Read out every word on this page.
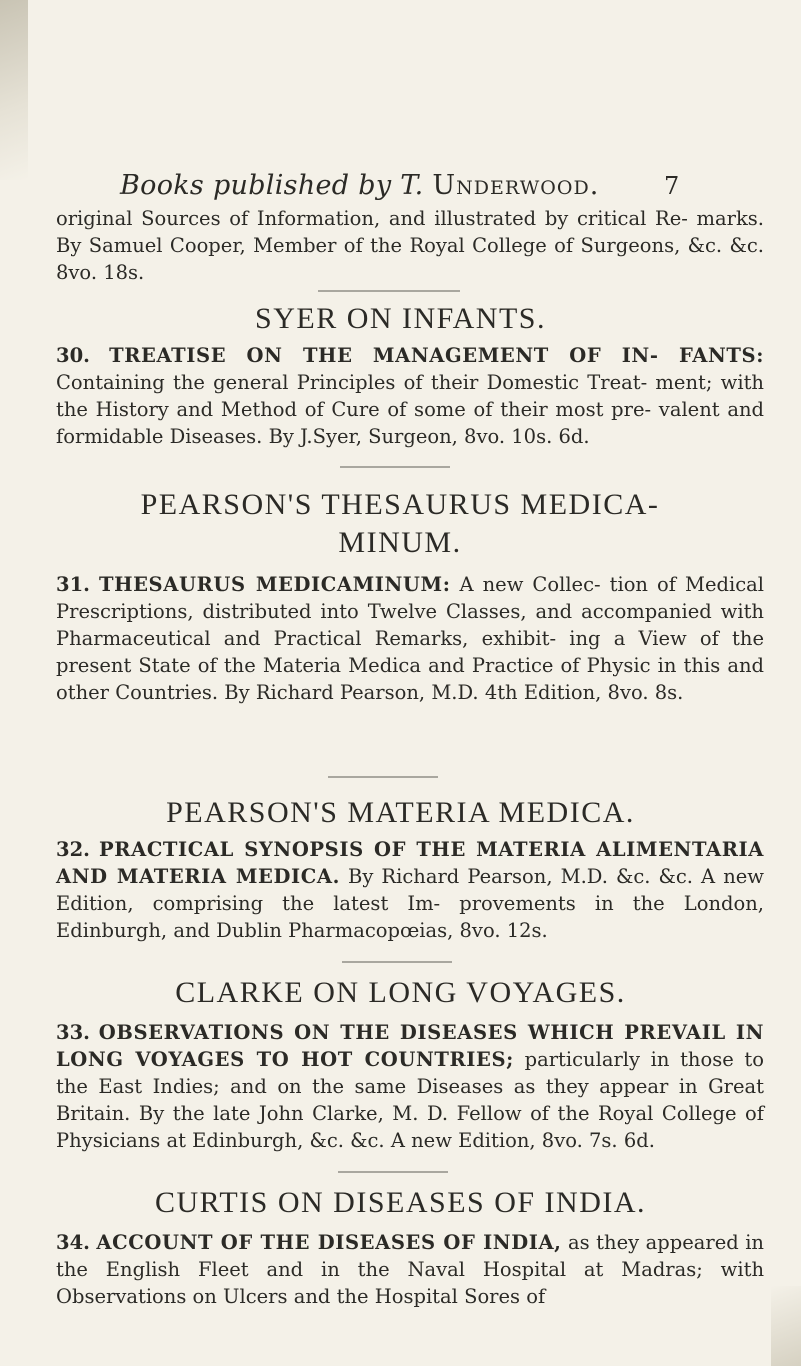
Books published by T. Underwood.	7
original Sources of Information, and illustrated by critical Re- marks. By Samuel Cooper, Member of the Royal College of Surgeons, &c. &c. 8vo. 18s.
SYER ON INFANTS.
30. TREATISE ON THE MANAGEMENT OF IN- FANTS: Containing the general Principles of their Domestic Treat- ment; with the History and Method of Cure of some of their most pre- valent and formidable Diseases. By J.Syer, Surgeon, 8vo. 10s. 6d.
PEARSON'S THESAURUS MEDICA- MINUM.
31. THESAURUS MEDICAMINUM: A new Collec- tion of Medical Prescriptions, distributed into Twelve Classes, and accompanied with Pharmaceutical and Practical Remarks, exhibit- ing a View of the present State of the Materia Medica and Practice of Physic in this and other Countries. By Richard Pearson, M.D. 4th Edition, 8vo. 8s.
PEARSON'S MATERIA MEDICA.
32. PRACTICAL SYNOPSIS OF THE MATERIA ALIMENTARIA AND MATERIA MEDICA. By Richard Pearson, M.D. &c. &c. A new Edition, comprising the latest Im- provements in the London, Edinburgh, and Dublin Pharmacopœias, 8vo. 12s.
CLARKE ON LONG VOYAGES.
33. OBSERVATIONS ON THE DISEASES WHICH PREVAIL IN LONG VOYAGES TO HOT COUNTRIES; particularly in those to the East Indies; and on the same Diseases as they appear in Great Britain. By the late John Clarke, M. D. Fellow of the Royal College of Physicians at Edinburgh, &c. &c. A new Edition, 8vo. 7s. 6d.
CURTIS ON DISEASES OF INDIA.
34. ACCOUNT OF THE DISEASES OF INDIA, as they appeared in the English Fleet and in the Naval Hospital at Madras; with Observations on Ulcers and the Hospital Sores of
